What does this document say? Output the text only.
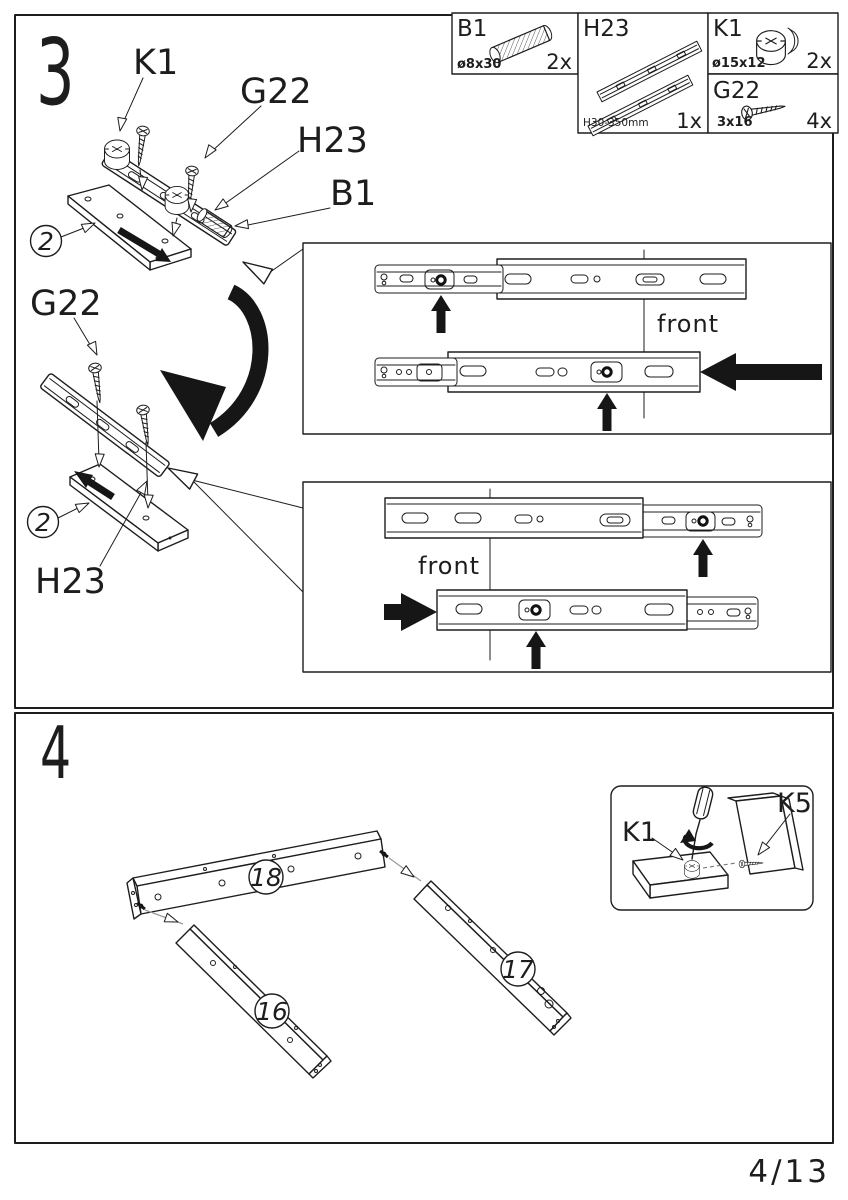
3 K1
G22
H23
B1
2
G22
2
H23
front
front
B1
ø8x30 2x
H23
H30-350mm 1x
K1
ø15x12 2x
G22
3x16	4x
4
18
16
17
K1
K5
4/13
